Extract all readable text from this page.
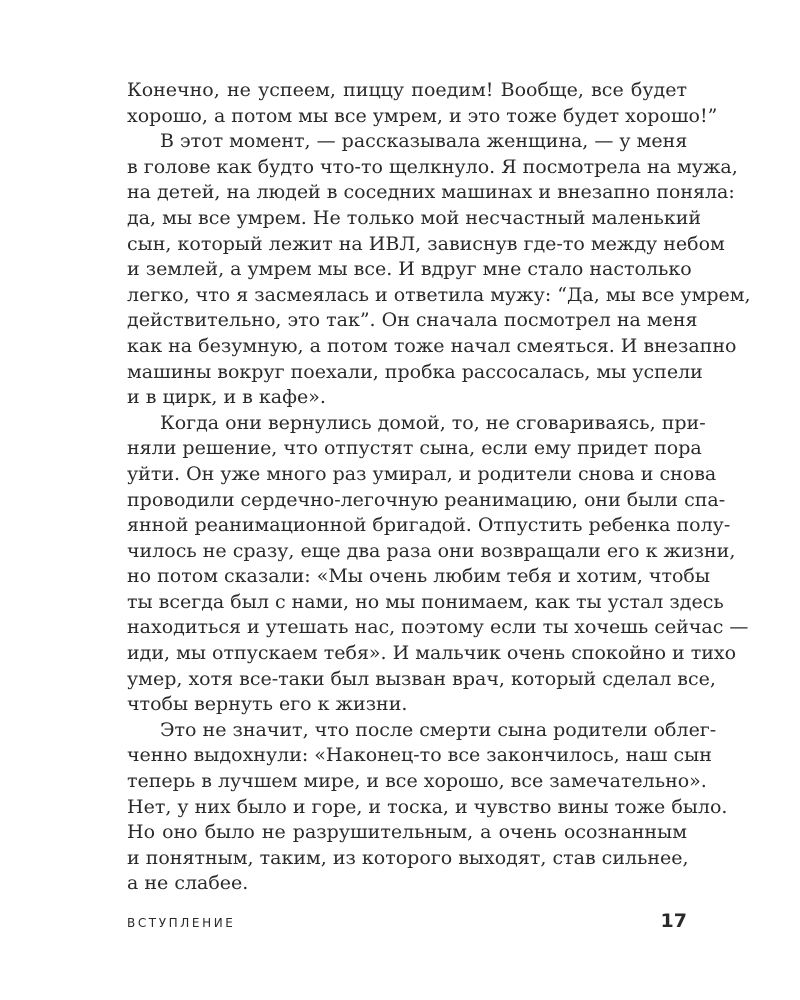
Конечно, не успеем, пиццу поедим! Вообще, все будет
хорошо, а потом мы все умрем, и это тоже будет хорошо!”
В этот момент, — рассказывала женщина, — у меня
в голове как будто что-то щелкнуло. Я посмотрела на мужа,
на детей, на людей в соседних машинах и внезапно поняла:
да, мы все умрем. Не только мой несчастный маленький
сын, который лежит на ИВЛ, зависнув где-то между небом
и землей, а умрем мы все. И вдруг мне стало настолько
легко, что я засмеялась и ответила мужу: “Да, мы все умрем,
действительно, это так”. Он сначала посмотрел на меня
как на безумную, а потом тоже начал смеяться. И внезапно
машины вокруг поехали, пробка рассосалась, мы успели
и в цирк, и в кафе».
Когда они вернулись домой, то, не сговариваясь, при-
няли решение, что отпустят сына, если ему придет пора
уйти. Он уже много раз умирал, и родители снова и снова
проводили сердечно-легочную реанимацию, они были спа-
янной реанимационной бригадой. Отпустить ребенка полу-
чилось не сразу, еще два раза они возвращали его к жизни,
но потом сказали: «Мы очень любим тебя и хотим, чтобы
ты всегда был с нами, но мы понимаем, как ты устал здесь
находиться и утешать нас, поэтому если ты хочешь сейчас —
иди, мы отпускаем тебя». И мальчик очень спокойно и тихо
умер, хотя все-таки был вызван врач, который сделал все,
чтобы вернуть его к жизни.
Это не значит, что после смерти сына родители облег-
ченно выдохнули: «Наконец-то все закончилось, наш сын
теперь в лучшем мире, и все хорошо, все замечательно».
Нет, у них было и горе, и тоска, и чувство вины тоже было.
Но оно было не разрушительным, а очень осознанным
и понятным, таким, из которого выходят, став сильнее,
а не слабее.
ВСТУПЛЕНИЕ	17
